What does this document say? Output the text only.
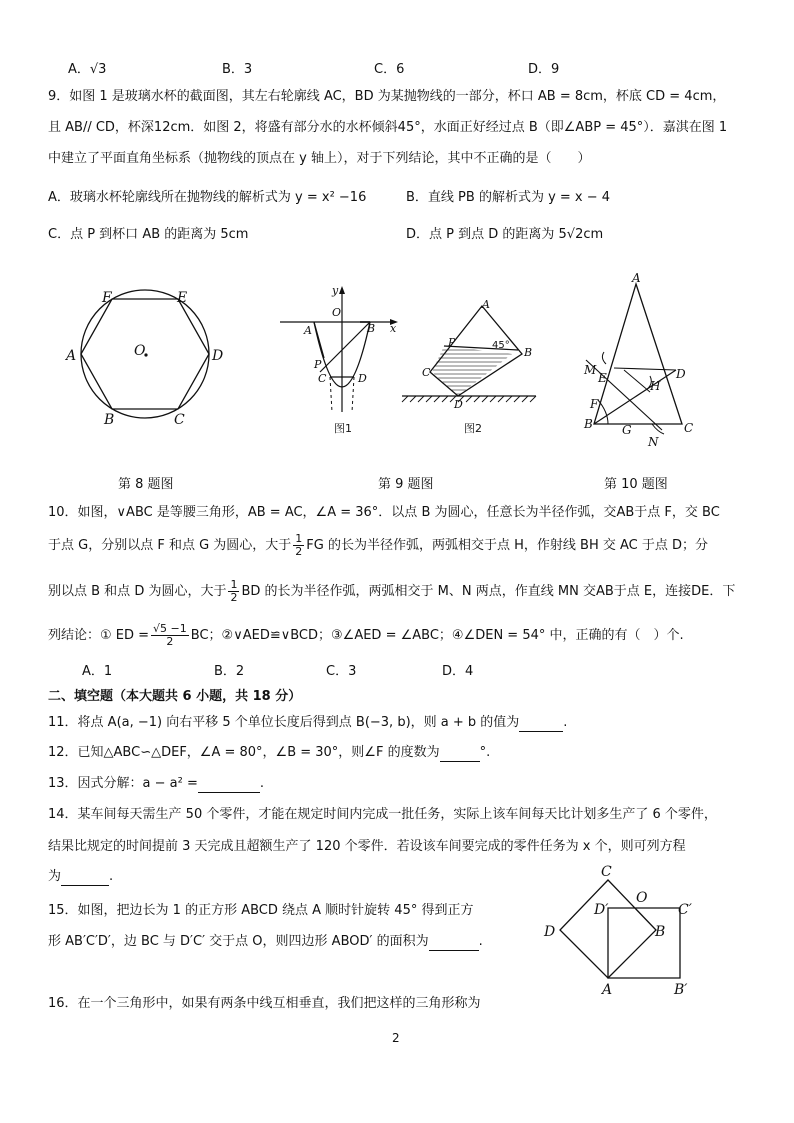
A．√3	B．3	C．6	D．9
9．如图 1 是玻璃水杯的截面图，其左右轮廓线 AC，BD 为某抛物线的一部分，杯口 AB = 8cm，杯底 CD = 4cm，
且 AB// CD，杯深12cm．如图 2，将盛有部分水的水杯倾斜45°，水面正好经过点 B（即∠ABP = 45°）．嘉淇在图 1
中建立了平面直角坐标系（抛物线的顶点在 y 轴上），对于下列结论，其中不正确的是（　　）
A．玻璃水杯轮廓线所在抛物线的解析式为 y = x² −16	B．直线 PB 的解析式为 y = x − 4
C．点 P 到杯口 AB 的距离为 5cm	D．点 P 到点 D 的距离为 5√2cm
F	E
A	O	D
B	C
y
O
A	B x
P
C	D
图1
A
P
B
C
D
45°
图2
A
M
E
H
D
F
B G
N
C
第 8 题图	第 9 题图	第 10 题图
10．如图，∨ABC 是等腰三角形，AB = AC，∠A = 36°．以点 B 为圆心，任意长为半径作弧，交AB于点 F，交 BC
于点 G，分别以点 F 和点 G 为圆心，大于 $\frac{1}{2}$ FG 的长为半径作弧，两弧相交于点 H，作射线 BH 交 AC 于点 D；分
别以点 B 和点 D 为圆心，大于 $\frac{1}{2}$ BD 的长为半径作弧，两弧相交于 M、N 两点，作直线 MN 交AB于点 E，连接DE．下
列结论：① ED = $\frac{√5 -1}{2}$ BC；②∨AED≌∨BCD；③∠AED = ∠ABC；④∠DEN = 54° 中，正确的有（　）个.
A．1	B．2	C．3	D．4
二、填空题（本大题共 6 小题，共 18 分）
11．将点 A(a, −1) 向右平移 5 个单位长度后得到点 B(−3, b)，则 a + b 的值为	.
12．已知△ABC∽△DEF，∠A = 80°，∠B = 30°，则∠F 的度数为	°.
13．因式分解：a − a² =	.
14．某车间每天需生产 50 个零件，才能在规定时间内完成一批任务，实际上该车间每天比计划多生产了 6 个零件，
结果比规定的时间提前 3 天完成且超额生产了 120 个零件．若设该车间要完成的零件任务为 x 个，则可列方程
为	.
15．如图，把边长为 1 的正方形 ABCD 绕点 A 顺时针旋转 45° 得到正方
形 AB′C′D′，边 BC 与 D′C′ 交于点 O，则四边形 ABOD′ 的面积为	.
C
O
D′	C′
D	B
A	B′
16．在一个三角形中，如果有两条中线互相垂直，我们把这样的三角形称为
2
